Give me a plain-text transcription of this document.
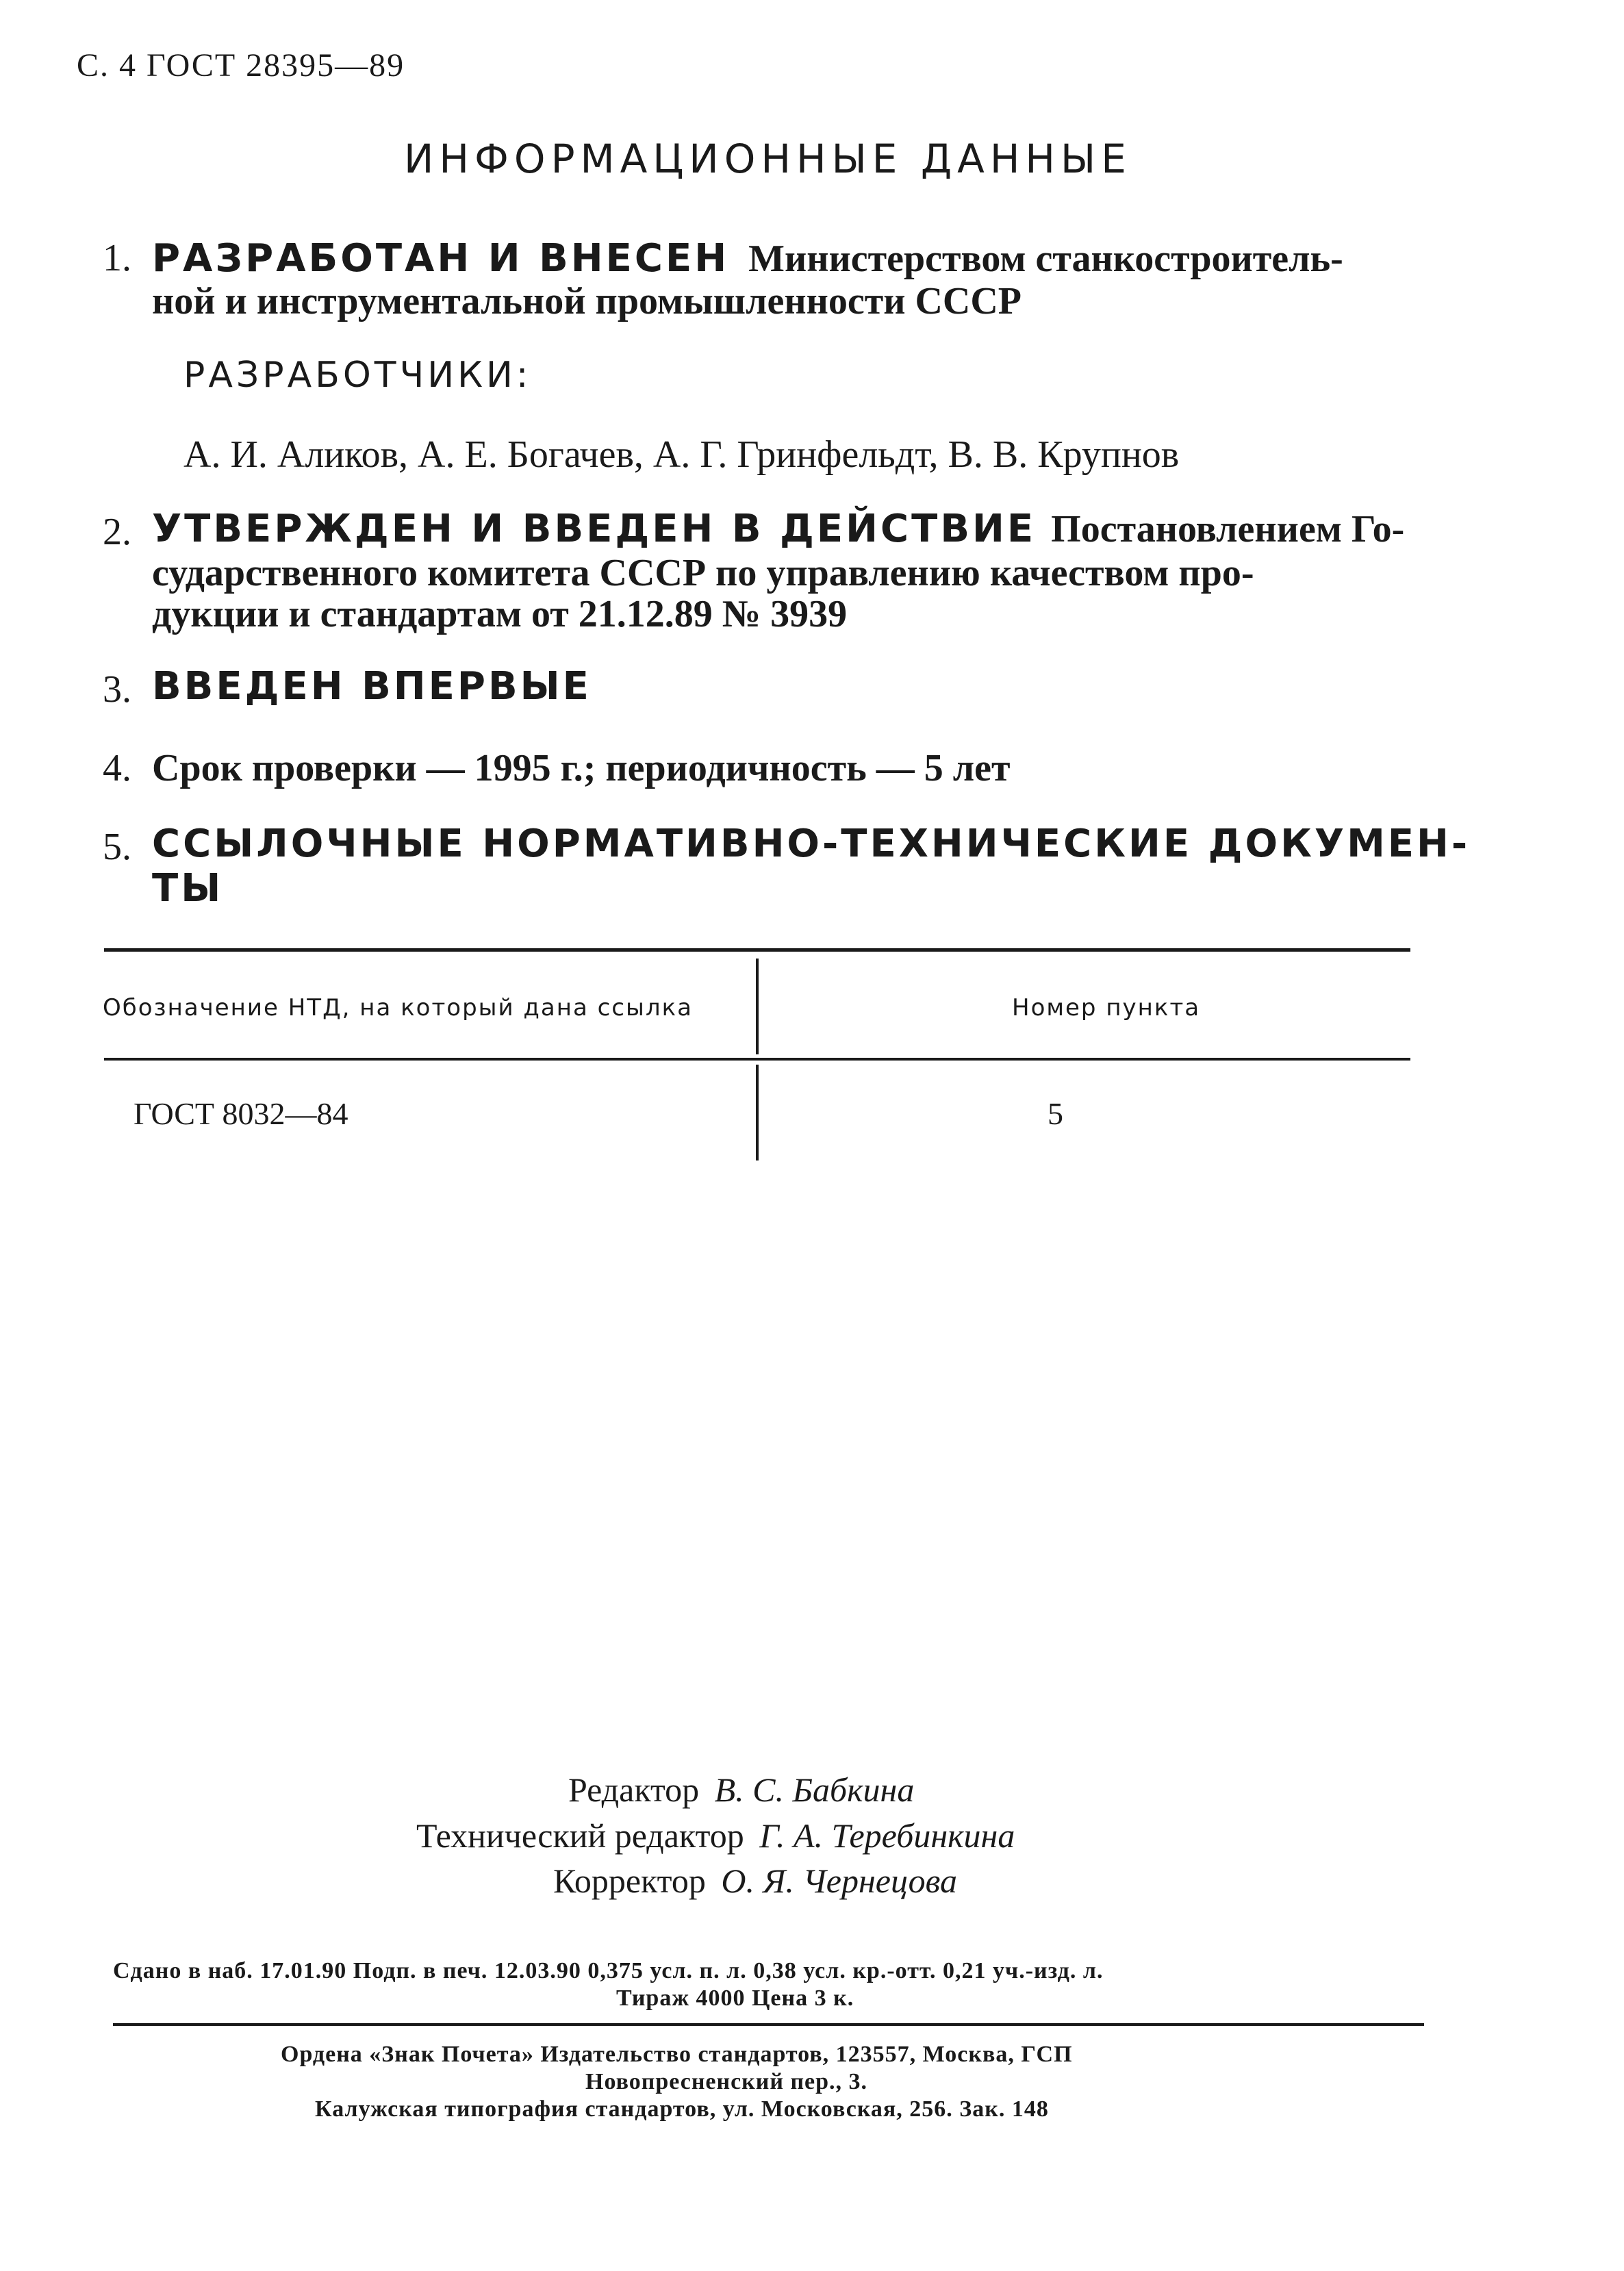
С. 4 ГОСТ 28395—89
ИНФОРМАЦИОННЫЕ ДАННЫЕ
1. РАЗРАБОТАН И ВНЕСЕН Министерством станкостроитель-
ной и инструментальной промышленности СССР
РАЗРАБОТЧИКИ:
А. И. Аликов, А. Е. Богачев, А. Г. Гринфельдт, В. В. Крупнов
2. УТВЕРЖДЕН И ВВЕДЕН В ДЕЙСТВИЕ Постановлением Го-
сударственного комитета СССР по управлению качеством про-
дукции и стандартам от 21.12.89 № 3939
3. ВВЕДЕН ВПЕРВЫЕ
4. Срок проверки — 1995 г.; периодичность — 5 лет
5. ССЫЛОЧНЫЕ НОРМАТИВНО-ТЕХНИЧЕСКИЕ ДОКУМЕН-
ТЫ
Обозначение НТД, на который дана ссылка	Номер пункта
ГОСТ 8032—84	5
Редактор В. С. Бабкина
Технический редактор Г. А. Теребинкина
Корректор О. Я. Чернецова
Сдано в наб. 17.01.90 Подп. в печ. 12.03.90 0,375 усл. п. л. 0,38 усл. кр.-отт. 0,21 уч.-изд. л.
Тираж 4000 Цена 3 к.
Ордена «Знак Почета» Издательство стандартов, 123557, Москва, ГСП
Новопресненский пер., 3.
Калужская типография стандартов, ул. Московская, 256. Зак. 148
